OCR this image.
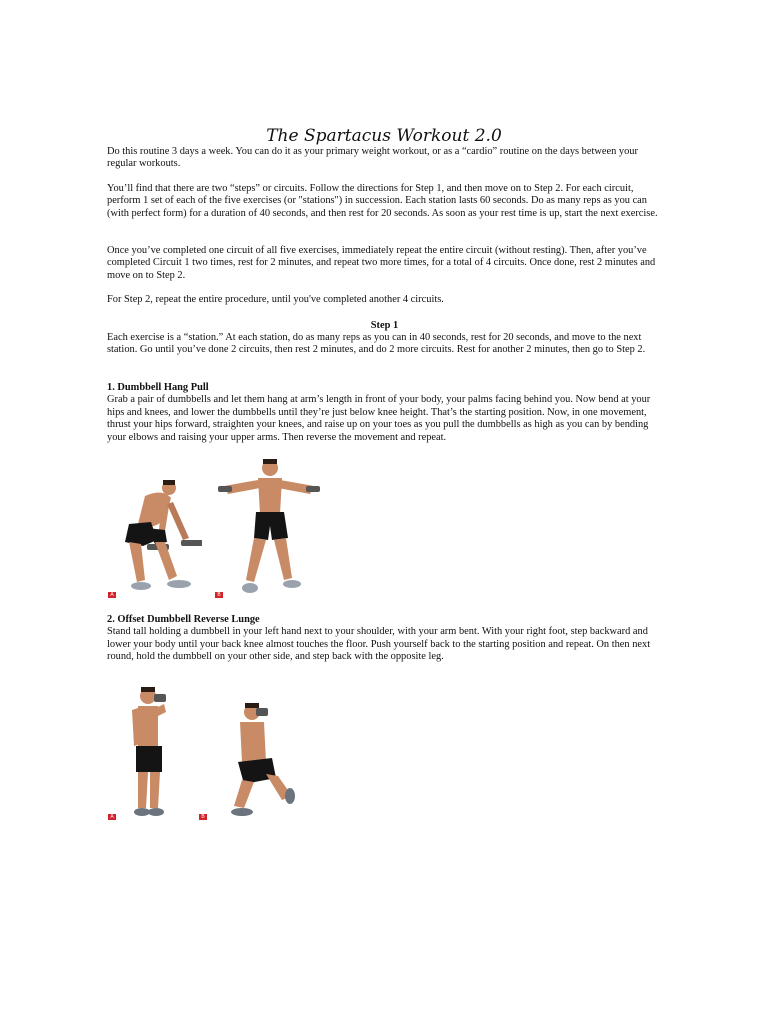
The Spartacus Workout 2.0

Do this routine 3 days a week. You can do it as your primary weight workout, or as a “cardio” routine on the days between your regular workouts.

You’ll find that there are two “steps” or circuits. Follow the directions for Step 1, and then move on to Step 2. For each circuit, perform 1 set of each of the five exercises (or "stations") in succession. Each station lasts 60 seconds. Do as many reps as you can (with perfect form) for a duration of 40 seconds, and then rest for 20 seconds. As soon as your rest time is up, start the next exercise.

Once you’ve completed one circuit of all five exercises, immediately repeat the entire circuit (without resting). Then, after you’ve completed Circuit 1 two times, rest for 2 minutes, and repeat two more times, for a total of 4 circuits. Once done, rest 2 minutes and move on to Step 2.

For Step 2, repeat the entire procedure, until you've completed another 4 circuits.

Step 1

Each exercise is a “station.” At each station, do as many reps as you can in 40 seconds, rest for 20 seconds, and move to the next station. Go until you’ve done 2 circuits, then rest 2 minutes, and do 2 more circuits. Rest for another 2 minutes, then go to Step 2.

1. Dumbbell Hang Pull
Grab a pair of dumbbells and let them hang at arm’s length in front of your body, your palms facing behind you. Now bend at your hips and knees, and lower the dumbbells until they’re just below knee height. That’s the starting position. Now, in one movement, thrust your hips forward, straighten your knees, and raise up on your toes as you pull the dumbbells as high as you can by bending your elbows and raising your upper arms. Then reverse the movement and repeat.

A	B

2. Offset Dumbbell Reverse Lunge
Stand tall holding a dumbbell in your left hand next to your shoulder, with your arm bent. With your right foot, step backward and lower your body until your back knee almost touches the floor. Push yourself back to the starting position and repeat. On then next round, hold the dumbbell on your other side, and step back with the opposite leg.

A	B
